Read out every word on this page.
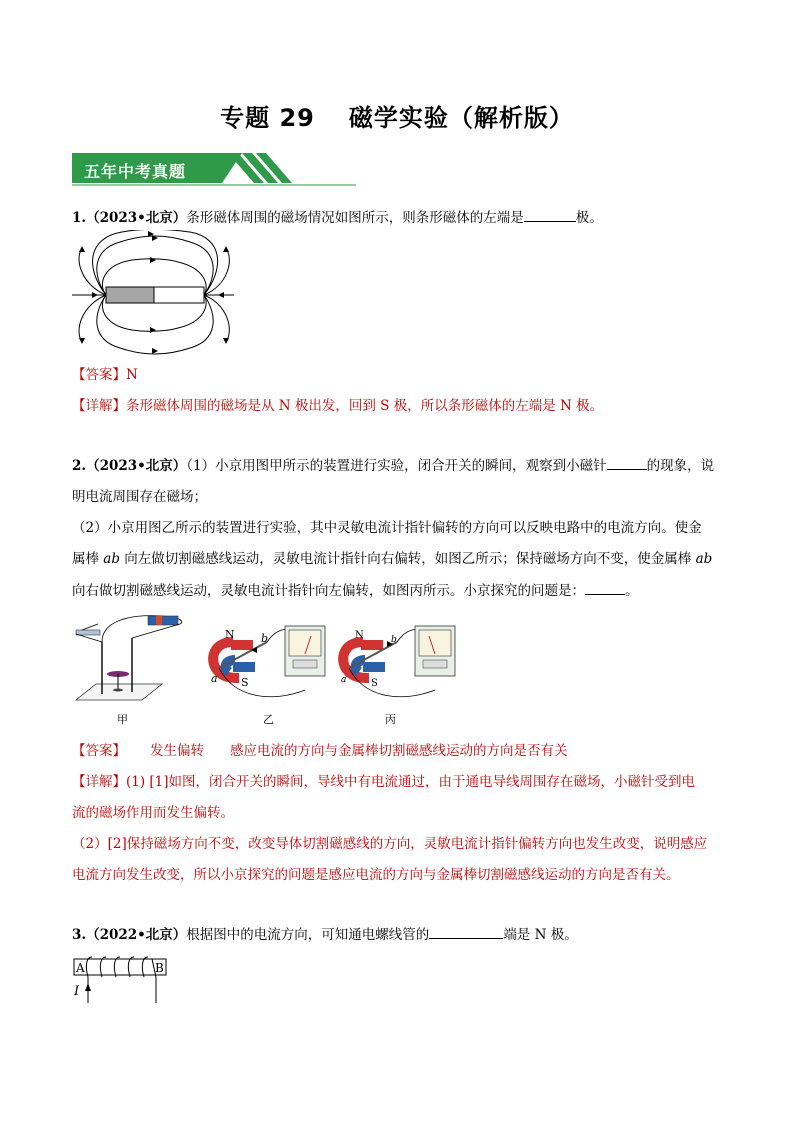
专题 29 磁学实验（解析版）
五年中考真题
1.（2023•北京）条形磁体周围的磁场情况如图所示，则条形磁体的左端是	极。
【答案】N
【详解】条形磁体周围的磁场是从 N 极出发，回到 S 极，所以条形磁体的左端是 N 极。
2.（2023•北京）（1）小京用图甲所示的装置进行实验，闭合开关的瞬间，观察到小磁针	的现象，说
明电流周围存在磁场；
（2）小京用图乙所示的装置进行实验，其中灵敏电流计指针偏转的方向可以反映电路中的电流方向。使金
属棒 ab 向左做切割磁感线运动，灵敏电流计指针向右偏转，如图乙所示；保持磁场方向不变，使金属棒 ab
向右做切割磁感线运动，灵敏电流计指针向左偏转，如图丙所示。小京探究的问题是：	。
N
S
b
a
N
S
b
a
甲	乙	丙
【答案】 发生偏转 感应电流的方向与金属棒切割磁感线运动的方向是否有关
【详解】(1) [1]如图，闭合开关的瞬间，导线中有电流通过，由于通电导线周围存在磁场，小磁针受到电
流的磁场作用而发生偏转。
（2）[2]保持磁场方向不变，改变导体切割磁感线的方向，灵敏电流计指针偏转方向也发生改变，说明感应
电流方向发生改变，所以小京探究的问题是感应电流的方向与金属棒切割磁感线运动的方向是否有关。
3.（2022•北京）根据图中的电流方向，可知通电螺线管的	端是 N 极。
A	B
I
